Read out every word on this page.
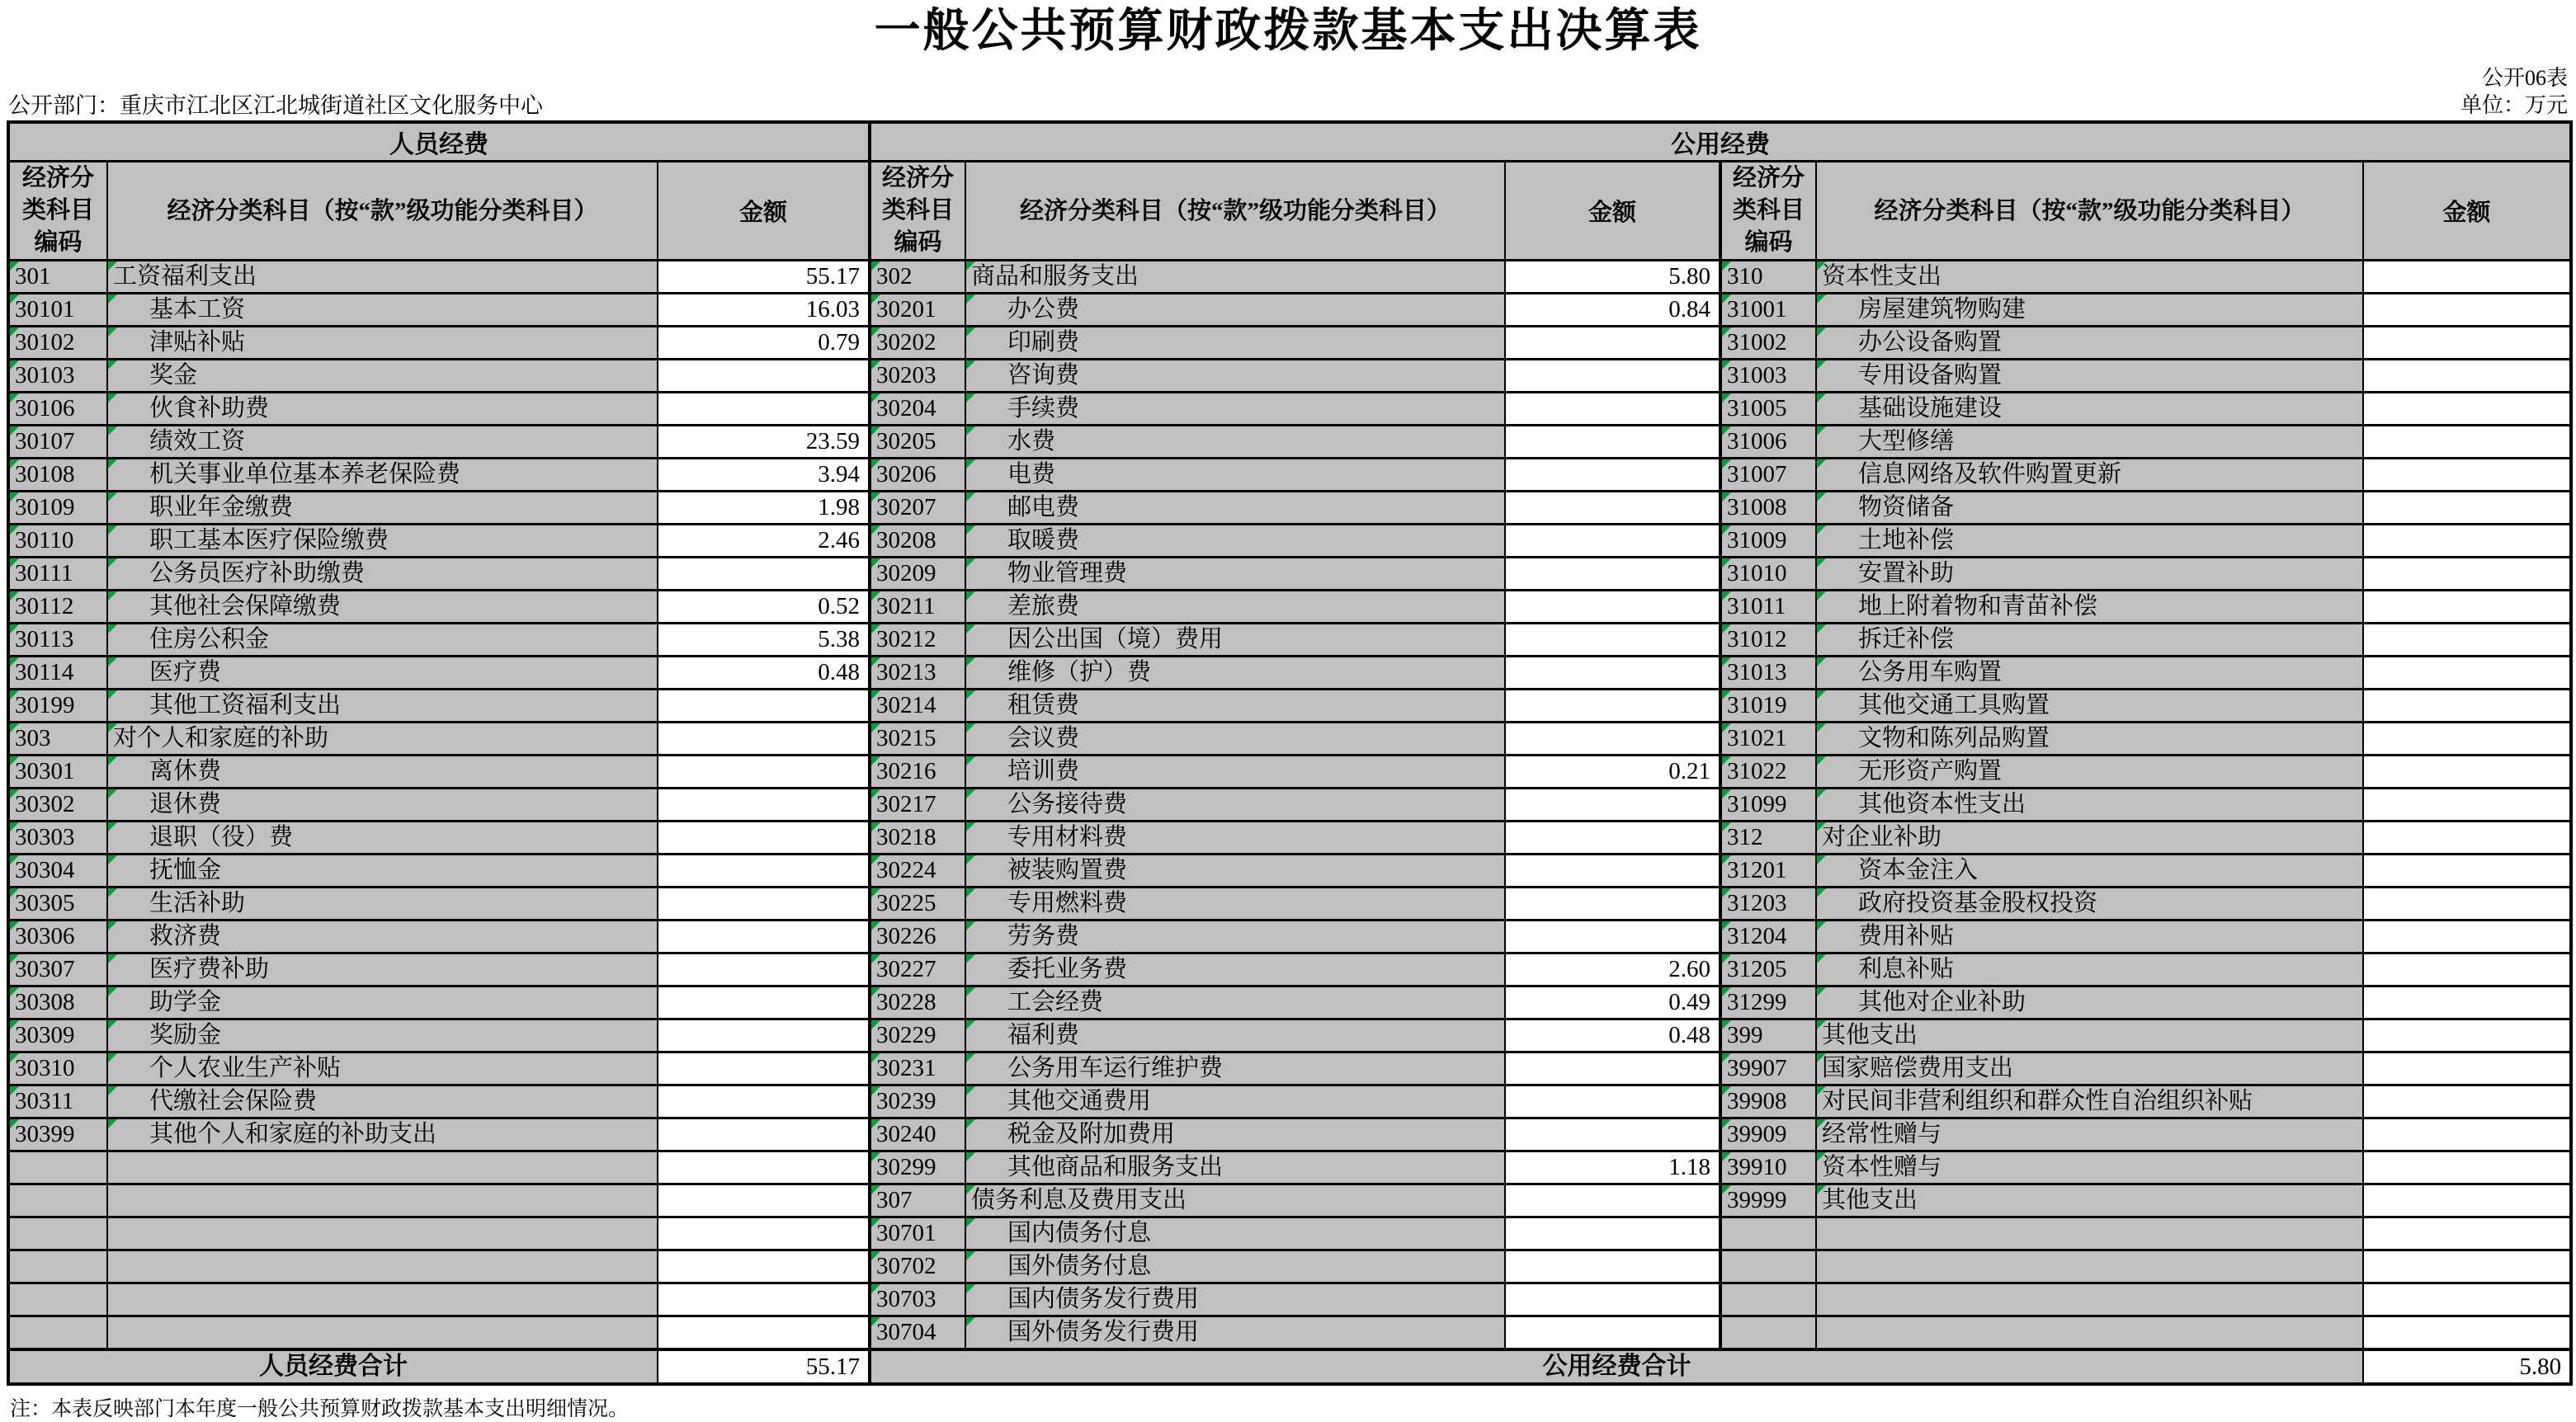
一般公共预算财政拨款基本支出决算表
公开部门：重庆市江北区江北城街道社区文化服务中心
公开06表
单位：万元
人员经费			公用经费					
经济分类科目编码	经济分类科目（按“款”级功能分类科目）	金额	经济分类科目编码	经济分类科目（按“款”级功能分类科目）	金额	经济分类科目编码	经济分类科目（按“款”级功能分类科目）	金额
301	工资福利支出	55.17	302	商品和服务支出	5.80	310	资本性支出	
30101	基本工资	16.03	30201	办公费	0.84	31001	房屋建筑物购建	
30102	津贴补贴	0.79	30202	印刷费		31002	办公设备购置	
30103	奖金		30203	咨询费		31003	专用设备购置	
30106	伙食补助费		30204	手续费		31005	基础设施建设	
30107	绩效工资	23.59	30205	水费		31006	大型修缮	
30108	机关事业单位基本养老保险费	3.94	30206	电费		31007	信息网络及软件购置更新	
30109	职业年金缴费	1.98	30207	邮电费		31008	物资储备	
30110	职工基本医疗保险缴费	2.46	30208	取暖费		31009	土地补偿	
30111	公务员医疗补助缴费		30209	物业管理费		31010	安置补助	
30112	其他社会保障缴费	0.52	30211	差旅费		31011	地上附着物和青苗补偿	
30113	住房公积金	5.38	30212	因公出国（境）费用		31012	拆迁补偿	
30114	医疗费	0.48	30213	维修（护）费		31013	公务用车购置	
30199	其他工资福利支出		30214	租赁费		31019	其他交通工具购置	
303	对个人和家庭的补助		30215	会议费		31021	文物和陈列品购置	
30301	离休费		30216	培训费	0.21	31022	无形资产购置	
30302	退休费		30217	公务接待费		31099	其他资本性支出	
30303	退职（役）费		30218	专用材料费		312	对企业补助	
30304	抚恤金		30224	被装购置费		31201	资本金注入	
30305	生活补助		30225	专用燃料费		31203	政府投资基金股权投资	
30306	救济费		30226	劳务费		31204	费用补贴	
30307	医疗费补助		30227	委托业务费	2.60	31205	利息补贴	
30308	助学金		30228	工会经费	0.49	31299	其他对企业补助	
30309	奖励金		30229	福利费	0.48	399	其他支出	
30310	个人农业生产补贴		30231	公务用车运行维护费		39907	国家赔偿费用支出	
30311	代缴社会保险费		30239	其他交通费用		39908	对民间非营利组织和群众性自治组织补贴	
30399	其他个人和家庭的补助支出		30240	税金及附加费用		39909	经常性赠与	
			30299	其他商品和服务支出	1.18	39910	资本性赠与	
			307	债务利息及费用支出		39999	其他支出	
			30701	国内债务付息				
			30702	国外债务付息				
			30703	国内债务发行费用				
			30704	国外债务发行费用				
人员经费合计		55.17	公用经费合计					5.80
注：本表反映部门本年度一般公共预算财政拨款基本支出明细情况。
